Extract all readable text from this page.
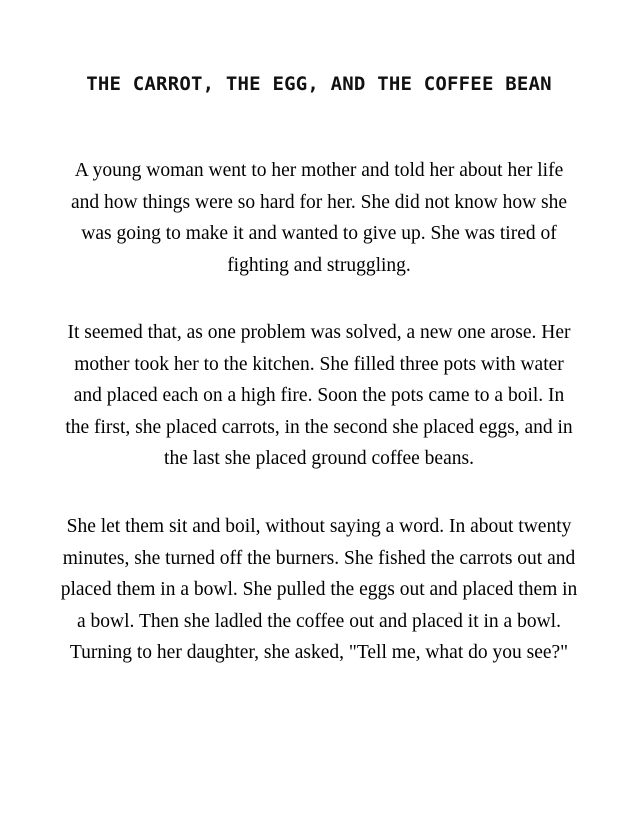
THE CARROT, THE EGG, AND THE COFFEE BEAN

A young woman went to her mother and told her about her life and how things were so hard for her. She did not know how she was going to make it and wanted to give up. She was tired of fighting and struggling.

It seemed that, as one problem was solved, a new one arose. Her mother took her to the kitchen. She filled three pots with water and placed each on a high fire. Soon the pots came to a boil. In the first, she placed carrots, in the second she placed eggs, and in the last she placed ground coffee beans.

She let them sit and boil, without saying a word. In about twenty minutes, she turned off the burners. She fished the carrots out and placed them in a bowl. She pulled the eggs out and placed them in a bowl. Then she ladled the coffee out and placed it in a bowl. Turning to her daughter, she asked, "Tell me, what do you see?"
